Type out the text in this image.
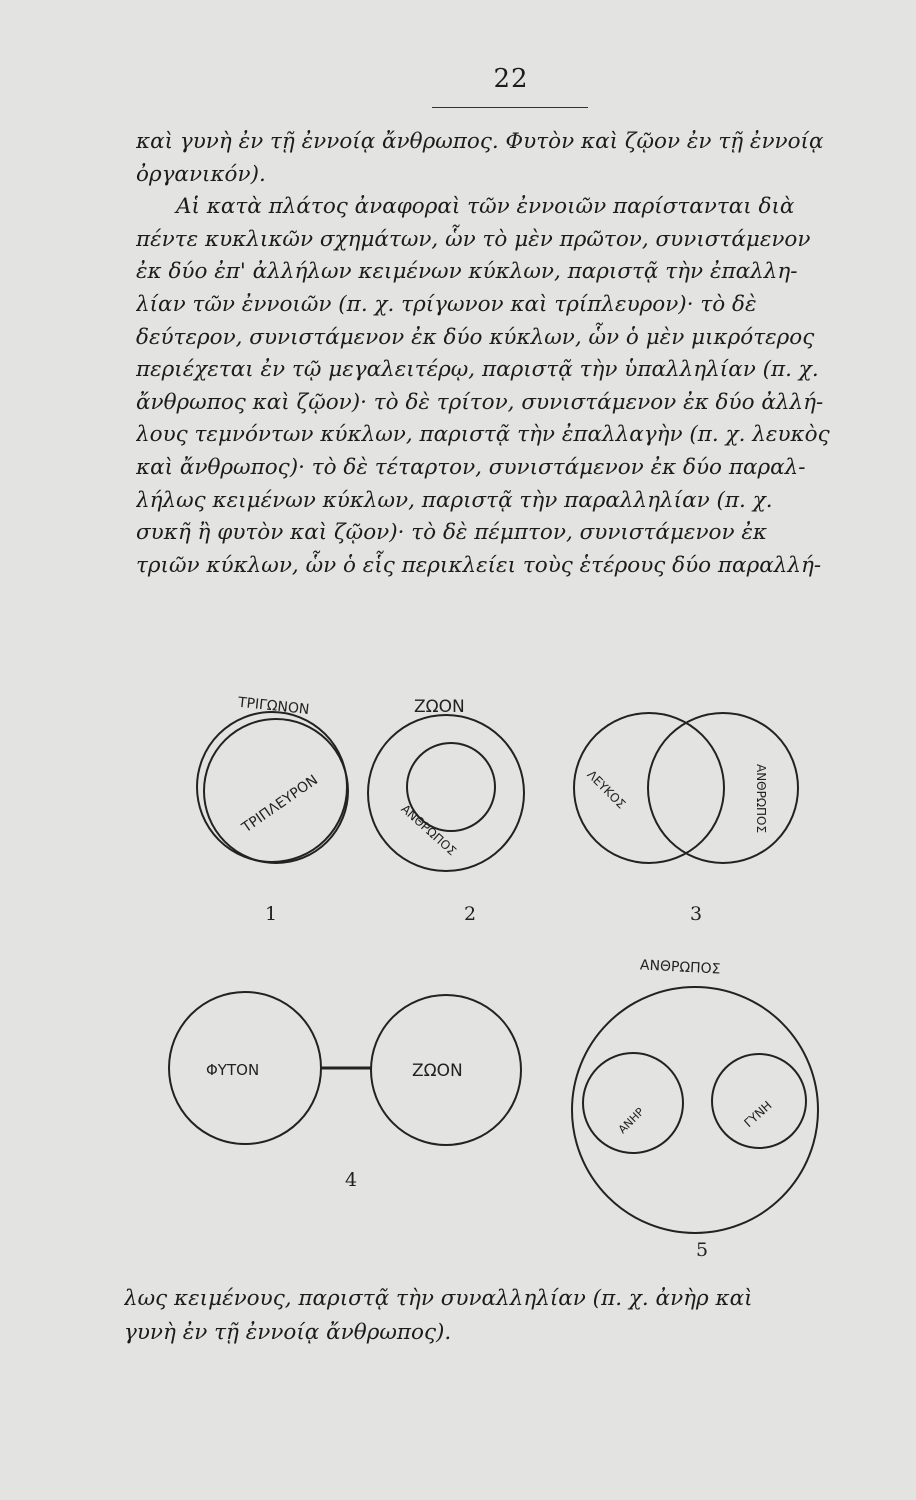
22
καὶ γυνὴ ἐν τῇ ἐννοίᾳ ἄνθρωπος. Φυτὸν καὶ ζῷον ἐν τῇ ἐννοίᾳ
ὀργανικόν).
Αἱ κατὰ πλάτος ἀναφοραὶ τῶν ἐννοιῶν παρίστανται διὰ
πέντε κυκλικῶν σχημάτων, ὧν τὸ μὲν πρῶτον, συνιστάμενον
ἐκ δύο ἐπ' ἀλλήλων κειμένων κύκλων, παριστᾷ τὴν ἐπαλλη-
λίαν τῶν ἐννοιῶν (π. χ. τρίγωνον καὶ τρίπλευρον)· τὸ δὲ
δεύτερον, συνιστάμενον ἐκ δύο κύκλων, ὧν ὁ μὲν μικρότερος
περιέχεται ἐν τῷ μεγαλειτέρῳ, παριστᾷ τὴν ὑπαλληλίαν (π. χ.
ἄνθρωπος καὶ ζῷον)· τὸ δὲ τρίτον, συνιστάμενον ἐκ δύο ἀλλή-
λους τεμνόντων κύκλων, παριστᾷ τὴν ἐπαλλαγὴν (π. χ. λευκὸς
καὶ ἄνθρωπος)· τὸ δὲ τέταρτον, συνιστάμενον ἐκ δύο παραλ-
λήλως κειμένων κύκλων, παριστᾷ τὴν παραλληλίαν (π. χ.
συκῆ ἢ φυτὸν καὶ ζῷον)· τὸ δὲ πέμπτον, συνιστάμενον ἐκ
τριῶν κύκλων, ὧν ὁ εἷς περικλείει τοὺς ἑτέρους δύο παραλλή-
ΤΡΙΓΩΝΟΝ
ΤΡΙΠΛΕΥΡΟΝ
1
ΖΩΟΝ
ΑΝΘΡΩΠΟΣ
2
ΛΕΥΚΟΣ	ΑΝΘΡΩΠΟΣ
3
ΦΥΤΟΝ	ΖΩΟΝ
4
ΑΝΘΡΩΠΟΣ
ΑΝΗΡ	ΓΥΝΗ
5
λως κειμένους, παριστᾷ τὴν συναλληλίαν (π. χ. ἀνὴρ καὶ
γυνὴ ἐν τῇ ἐννοίᾳ ἄνθρωπος).
